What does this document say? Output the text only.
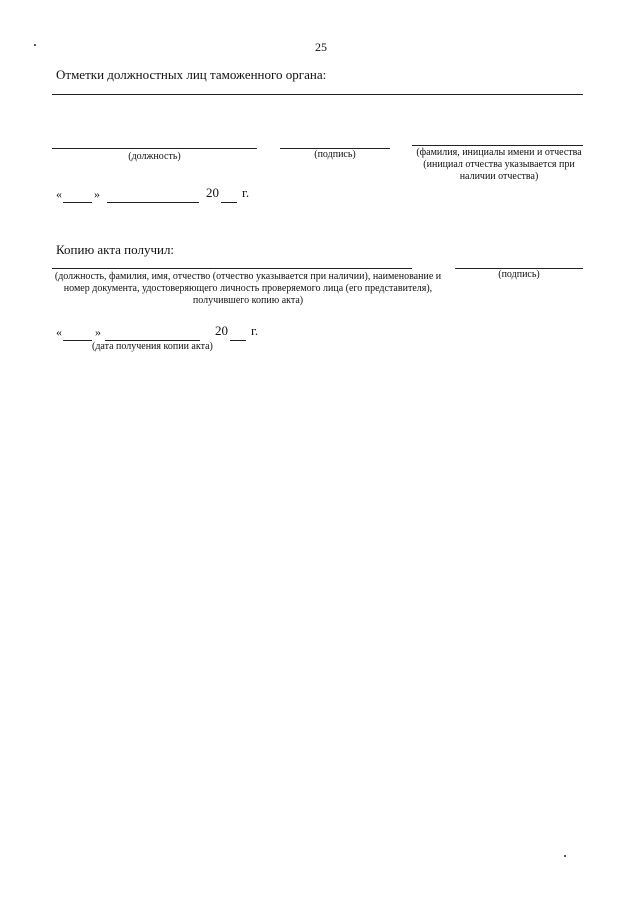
25
Отметки должностных лиц таможенного органа:
(должность)	(подпись)	(фамилия, инициалы имени и отчества (инициал отчества указывается при наличии отчества)
«	»	20 г.
Копию акта получил:
(должность, фамилия, имя, отчество (отчество указывается при наличии), наименование и номер документа, удостоверяющего личность проверяемого лица (его представителя), получившего копию акта)
(подпись)
«	»	20 г.
(дата получения копии акта)
